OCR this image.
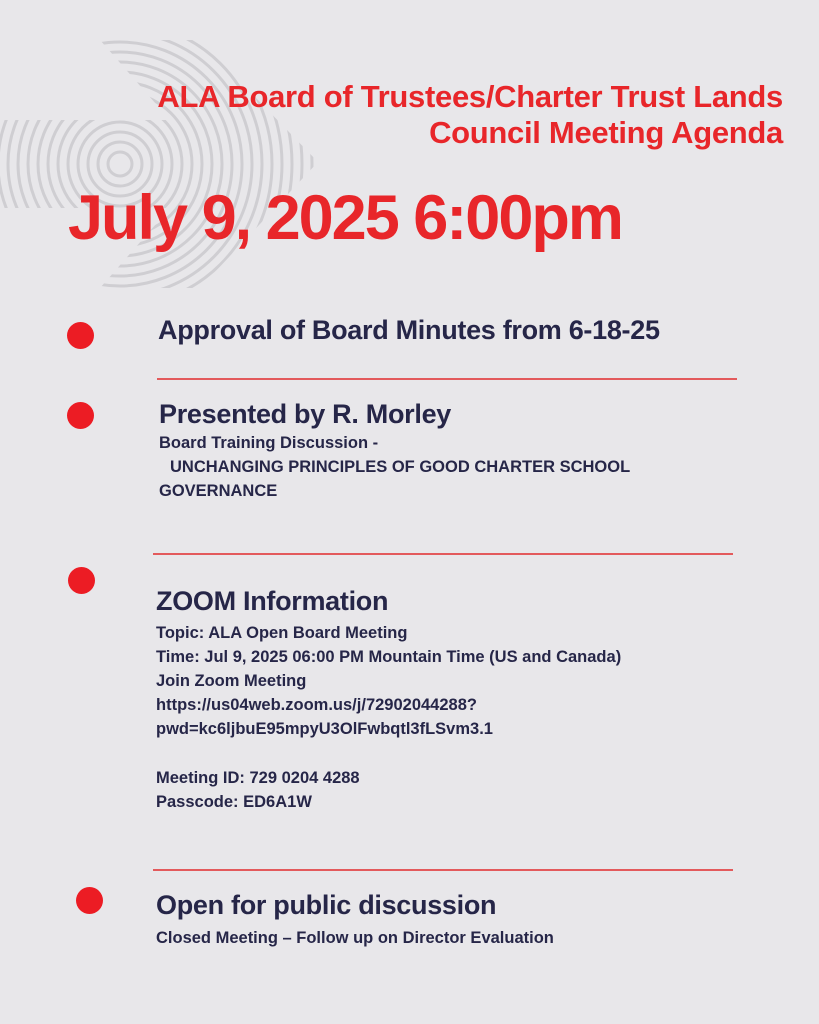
ALA Board of Trustees/Charter Trust Lands
Council Meeting Agenda
July 9, 2025 6:00pm
Approval of Board Minutes from 6-18-25
Presented by R. Morley
Board Training Discussion -
UNCHANGING PRINCIPLES OF GOOD CHARTER SCHOOL
GOVERNANCE
ZOOM Information
Topic: ALA Open Board Meeting
Time: Jul 9, 2025 06:00 PM Mountain Time (US and Canada)
Join Zoom Meeting
https://us04web.zoom.us/j/72902044288?
pwd=kc6ljbuE95mpyU3OlFwbqtl3fLSvm3.1
Meeting ID: 729 0204 4288
Passcode: ED6A1W
Open for public discussion
Closed Meeting – Follow up on Director Evaluation
